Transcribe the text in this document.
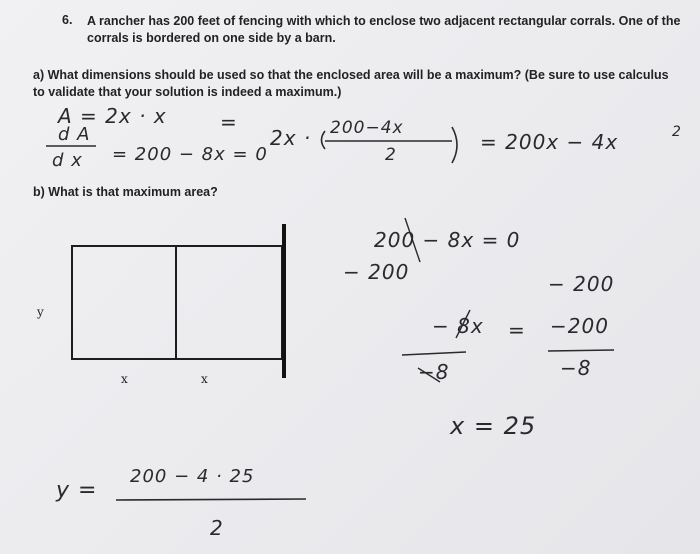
6. A rancher has 200 feet of fencing with which to enclose two adjacent rectangular corrals. One of the corrals is bordered on one side by a barn.
a) What dimensions should be used so that the enclosed area will be a maximum? (Be sure to use calculus to validate that your solution is indeed a maximum.)
b) What is that maximum area?
y
x	x
A = 2x · x	=
2x · 200−4x
2
= 200x − 4x	2
d A
d x = 200 − 8x = 0
200 − 8x = 0
− 200	− 200
− 8x = −200
−8	−8
x = 25
y =
200 − 4 · 25
2
